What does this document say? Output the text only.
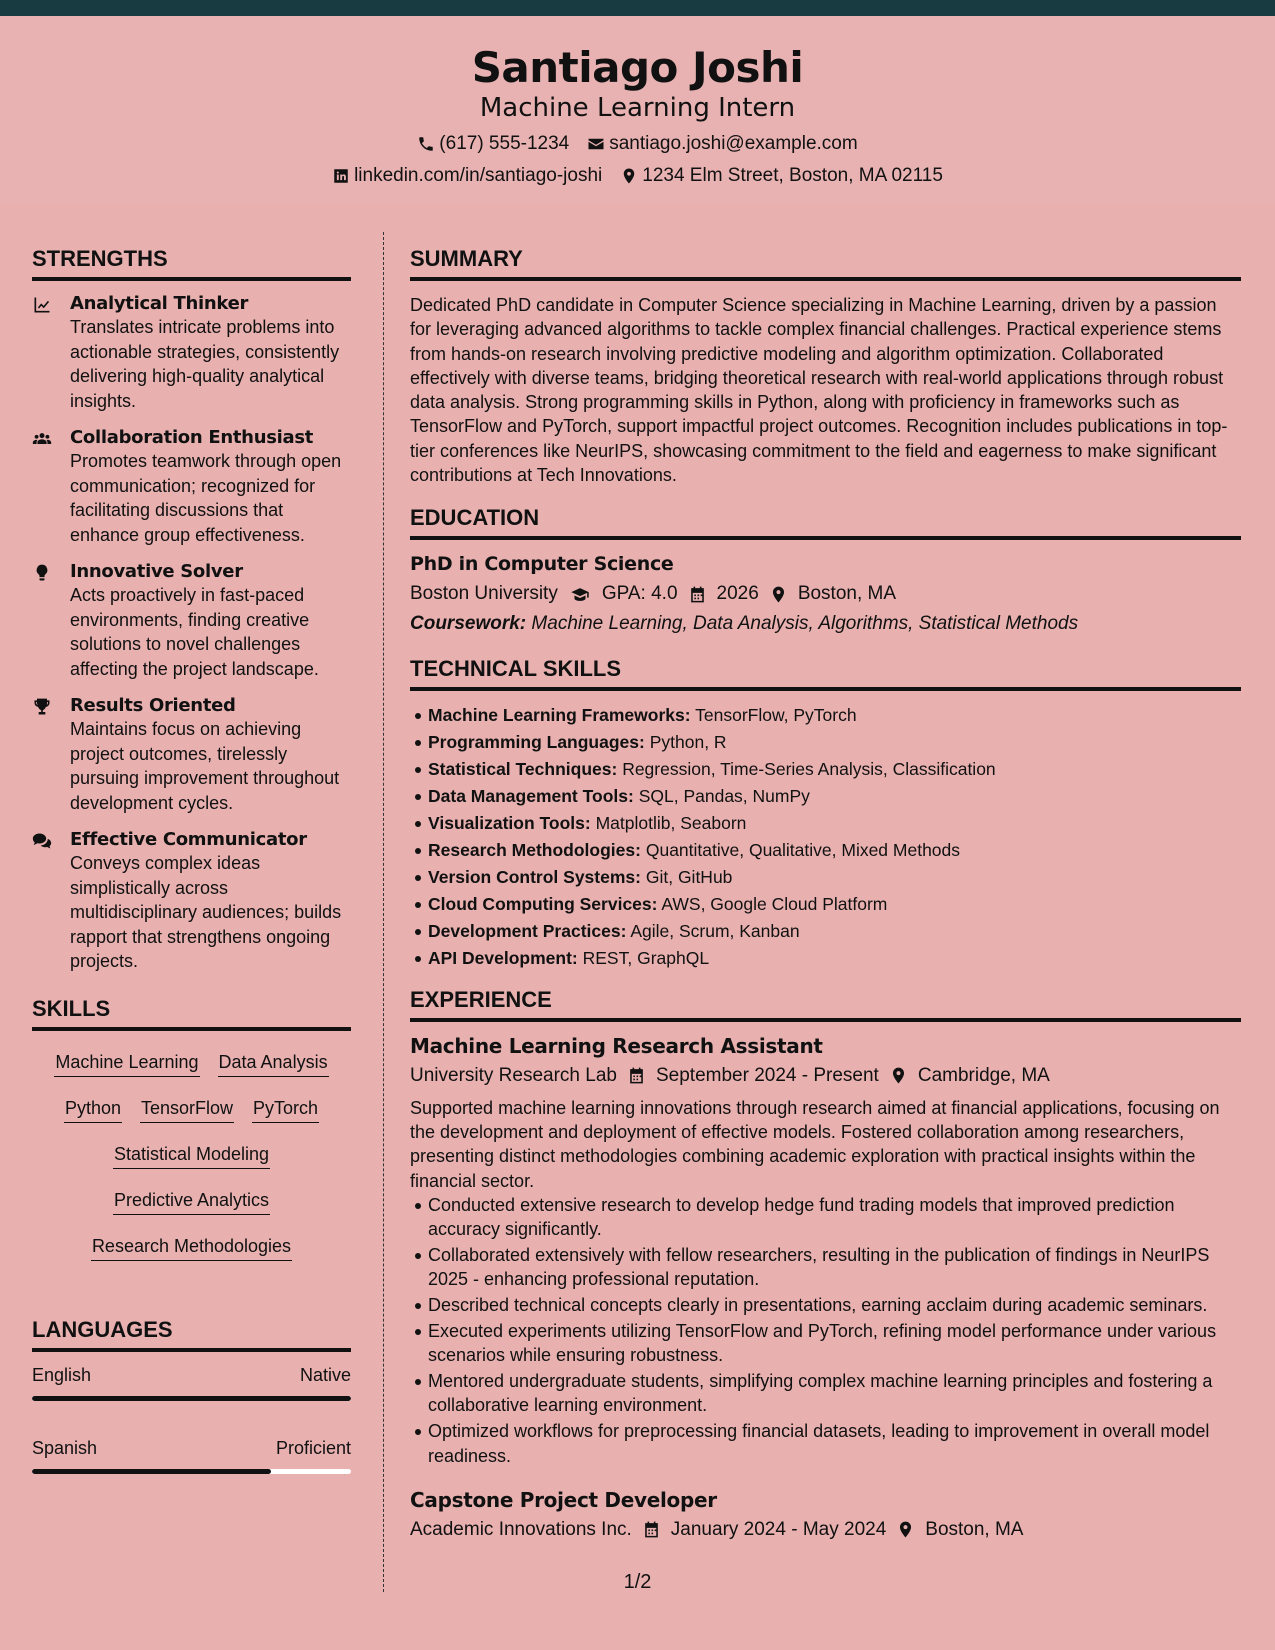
Santiago Joshi
Machine Learning Intern
(617) 555-1234 santiago.joshi@example.com
linkedin.com/in/santiago-joshi 1234 Elm Street, Boston, MA 02115
STRENGTHS
Analytical Thinker
Translates intricate problems into actionable strategies, consistently delivering high-quality analytical insights.
Collaboration Enthusiast
Promotes teamwork through open communication; recognized for facilitating discussions that enhance group effectiveness.
Innovative Solver
Acts proactively in fast-paced environments, finding creative solutions to novel challenges affecting the project landscape.
Results Oriented
Maintains focus on achieving project outcomes, tirelessly pursuing improvement throughout development cycles.
Effective Communicator
Conveys complex ideas simplistically across multidisciplinary audiences; builds rapport that strengthens ongoing projects.
SKILLS
Machine Learning Data Analysis
Python TensorFlow PyTorch
Statistical Modeling
Predictive Analytics
Research Methodologies
LANGUAGES
English	Native
Spanish	Proficient
SUMMARY
Dedicated PhD candidate in Computer Science specializing in Machine Learning, driven by a passion for leveraging advanced algorithms to tackle complex financial challenges. Practical experience stems from hands-on research involving predictive modeling and algorithm optimization. Collaborated effectively with diverse teams, bridging theoretical research with real-world applications through robust data analysis. Strong programming skills in Python, along with proficiency in frameworks such as TensorFlow and PyTorch, support impactful project outcomes. Recognition includes publications in top-tier conferences like NeurIPS, showcasing commitment to the field and eagerness to make significant contributions at Tech Innovations.
EDUCATION
PhD in Computer Science
Boston University GPA: 4.0 2026 Boston, MA
Coursework: Machine Learning, Data Analysis, Algorithms, Statistical Methods
TECHNICAL SKILLS
Machine Learning Frameworks: TensorFlow, PyTorch
Programming Languages: Python, R
Statistical Techniques: Regression, Time-Series Analysis, Classification
Data Management Tools: SQL, Pandas, NumPy
Visualization Tools: Matplotlib, Seaborn
Research Methodologies: Quantitative, Qualitative, Mixed Methods
Version Control Systems: Git, GitHub
Cloud Computing Services: AWS, Google Cloud Platform
Development Practices: Agile, Scrum, Kanban
API Development: REST, GraphQL
EXPERIENCE
Machine Learning Research Assistant
University Research Lab September 2024 - Present Cambridge, MA
Supported machine learning innovations through research aimed at financial applications, focusing on the development and deployment of effective models. Fostered collaboration among researchers, presenting distinct methodologies combining academic exploration with practical insights within the financial sector.
Conducted extensive research to develop hedge fund trading models that improved prediction accuracy significantly.
Collaborated extensively with fellow researchers, resulting in the publication of findings in NeurIPS 2025 - enhancing professional reputation.
Described technical concepts clearly in presentations, earning acclaim during academic seminars.
Executed experiments utilizing TensorFlow and PyTorch, refining model performance under various scenarios while ensuring robustness.
Mentored undergraduate students, simplifying complex machine learning principles and fostering a collaborative learning environment.
Optimized workflows for preprocessing financial datasets, leading to improvement in overall model readiness.
Capstone Project Developer
Academic Innovations Inc. January 2024 - May 2024 Boston, MA
1/2
